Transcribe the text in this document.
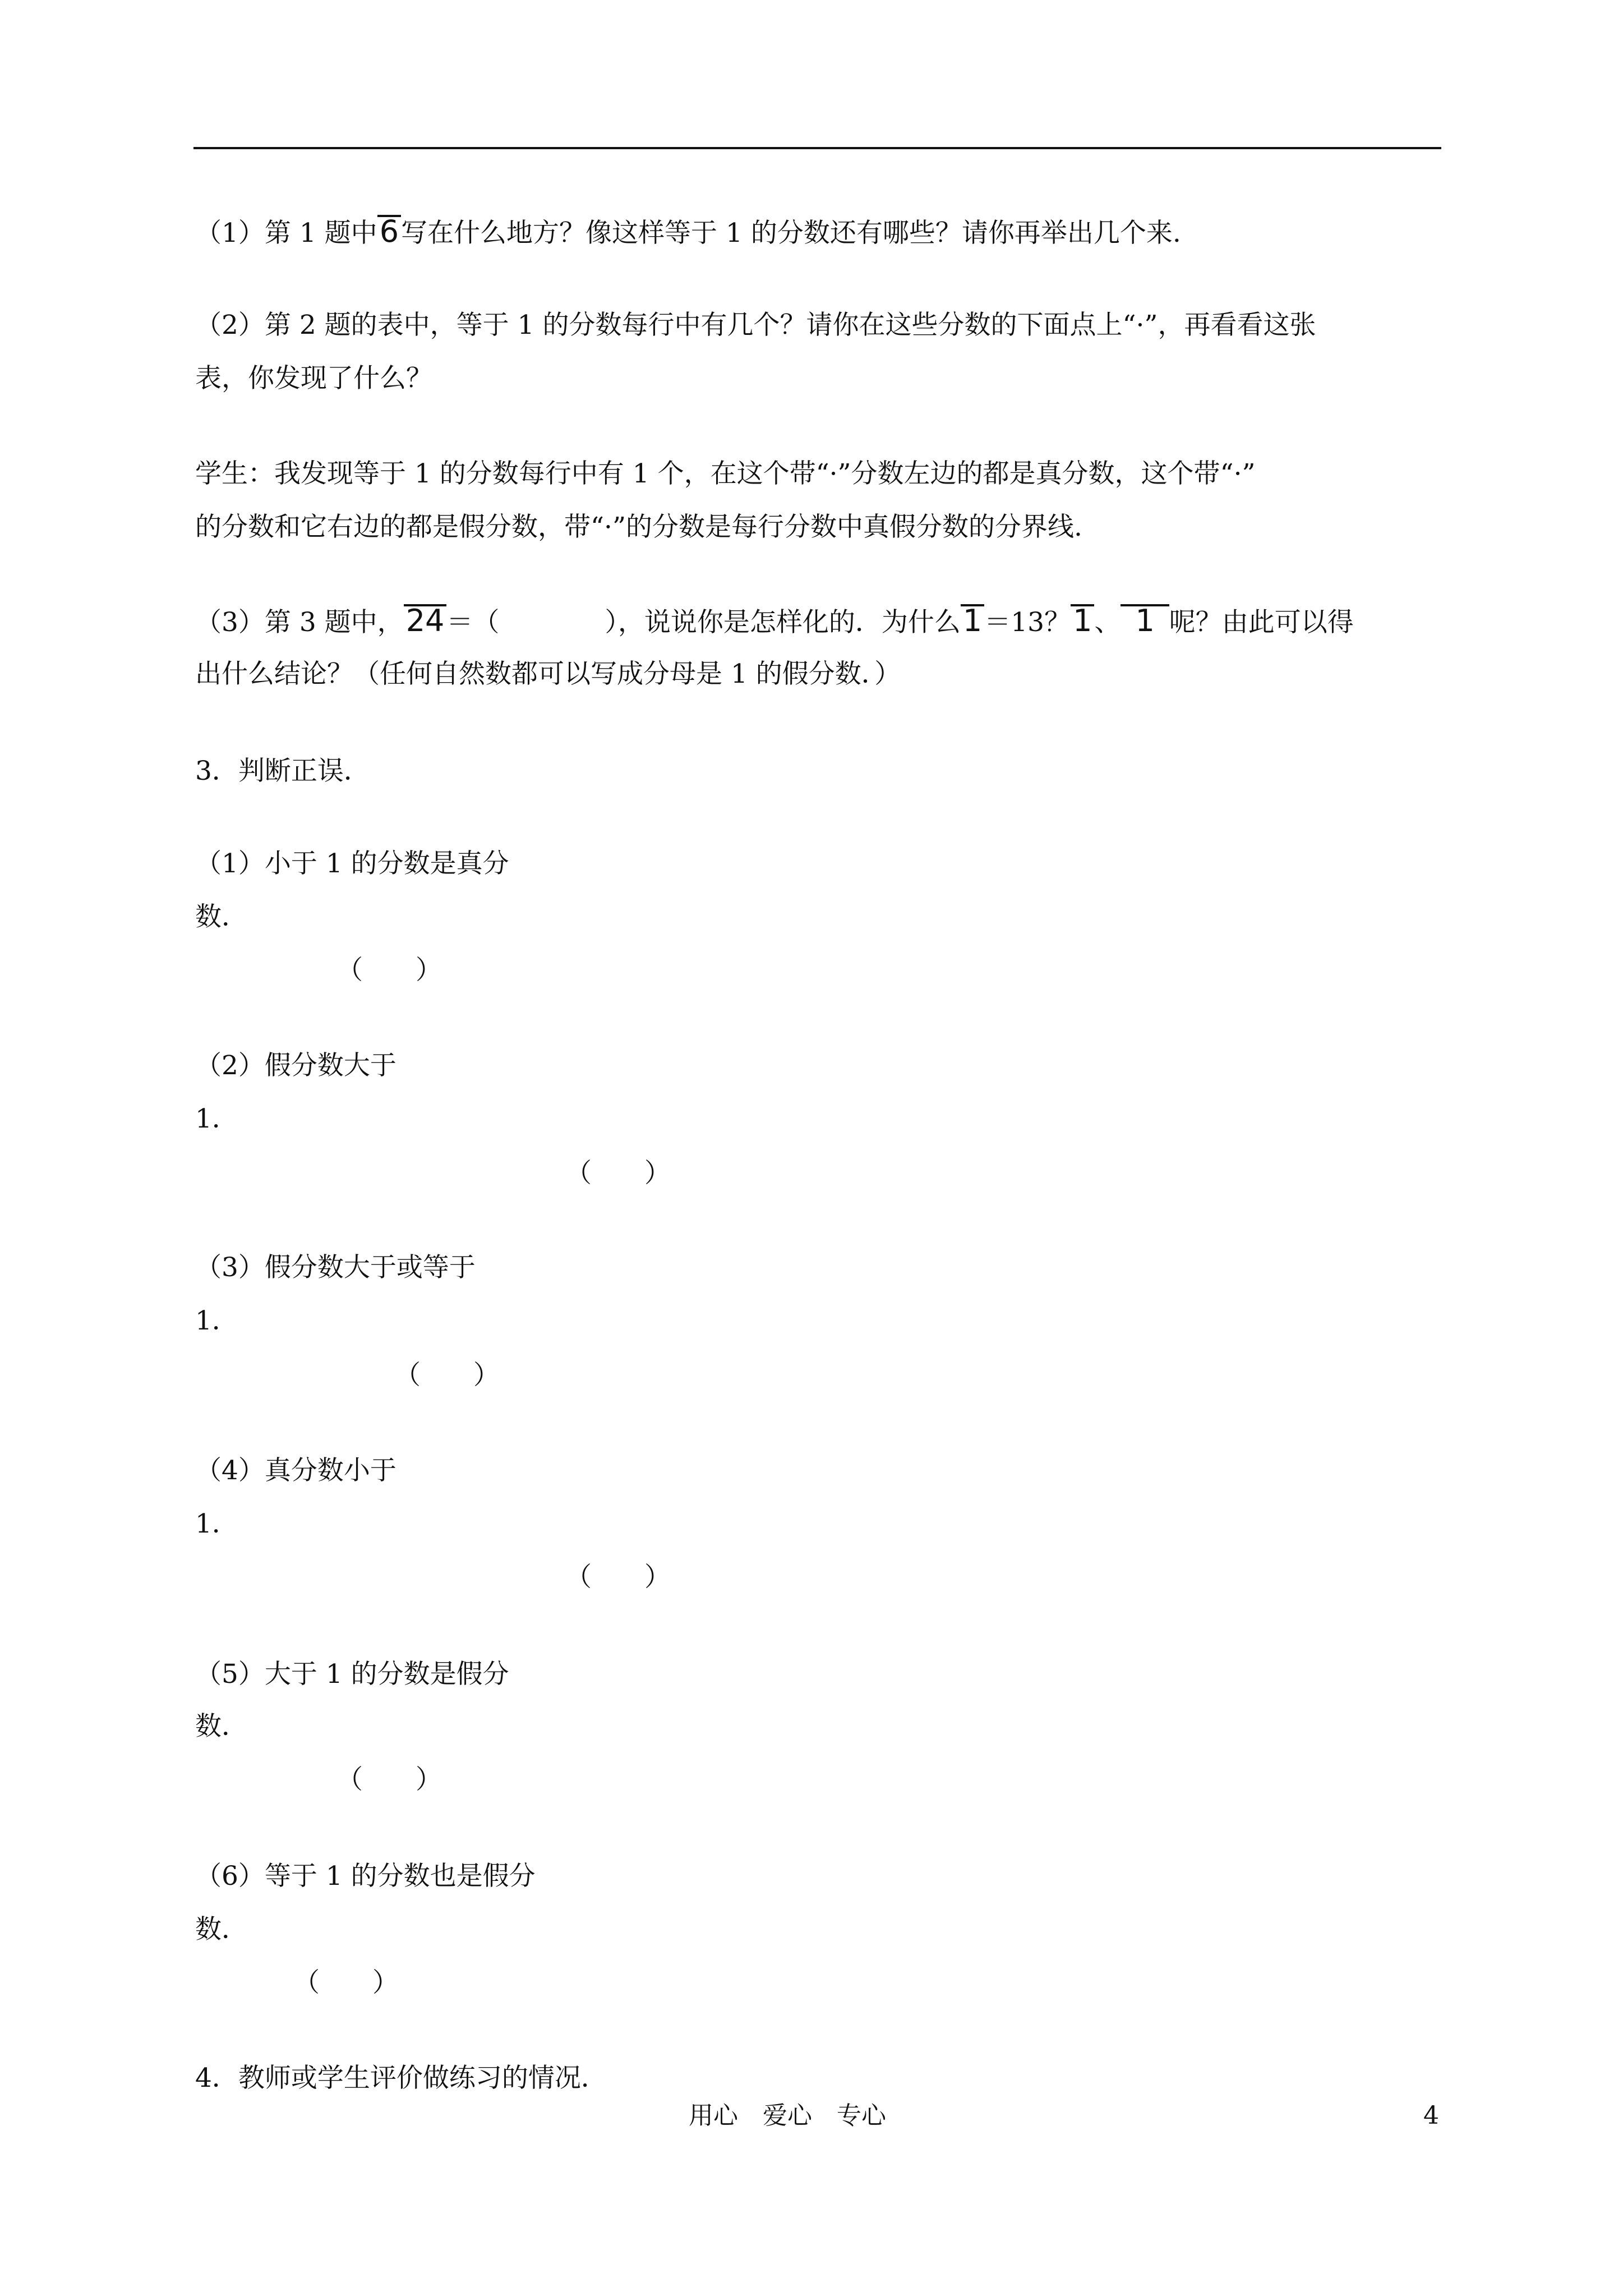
（1）第 1 题中6写在什么地方？像这样等于 1 的分数还有哪些？请你再举出几个来.
（2）第 2 题的表中，等于 1 的分数每行中有几个？请你在这些分数的下面点上“·”，再看看这张
表，你发现了什么？
学生：我发现等于 1 的分数每行中有 1 个，在这个带“·”分数左边的都是真分数，这个带“·”
的分数和它右边的都是假分数，带“·”的分数是每行分数中真假分数的分界线.
（3）第 3 题中，24＝（　　　　），说说你是怎样化的．为什么1＝13？1、 1 呢？由此可以得
出什么结论？（任何自然数都可以写成分母是 1 的假分数．）
3．判断正误．
（1）小于 1 的分数是真分
数．
（　　）
（2）假分数大于
1．
（　　）
（3）假分数大于或等于
1．
（　　）
（4）真分数小于
1．
（　　）
（5）大于 1 的分数是假分
数．
（　　）
（6）等于 1 的分数也是假分
数．
（　　）
4．教师或学生评价做练习的情况．
用心　爱心　专心	4
